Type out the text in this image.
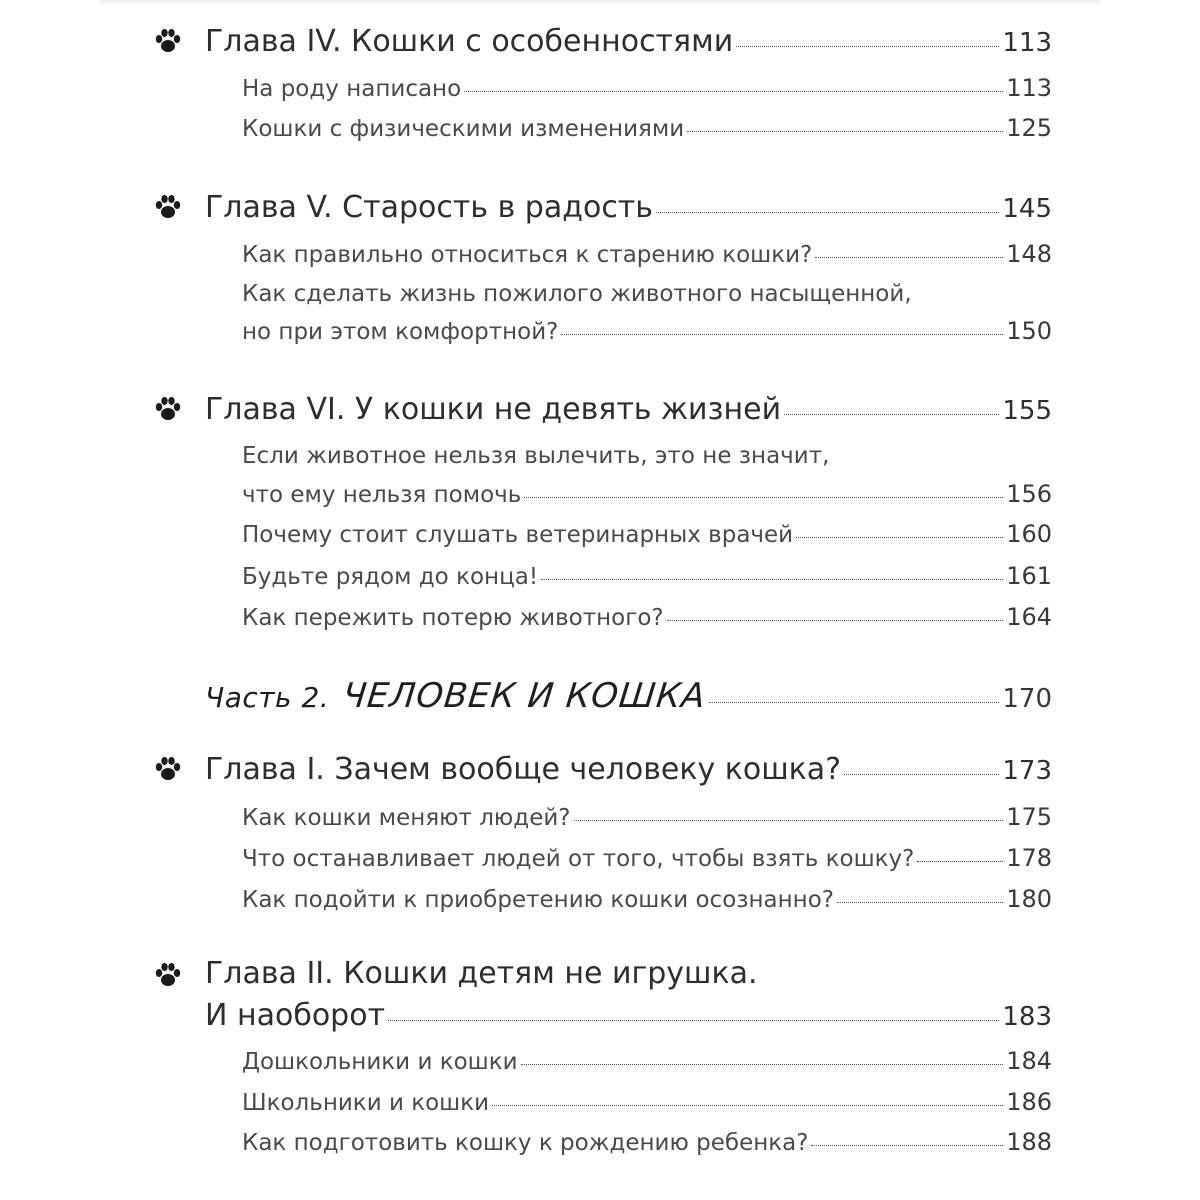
Глава IV. Кошки с особенностями	113
На роду написано	113
Кошки с физическими изменениями	125
Глава V. Старость в радость	145
Как правильно относиться к старению кошки?	148
Как сделать жизнь пожилого животного насыщенной,
но при этом комфортной?	150
Глава VI. У кошки не девять жизней	155
Если животное нельзя вылечить, это не значит,
что ему нельзя помочь	156
Почему стоит слушать ветеринарных врачей	160
Будьте рядом до конца!	161
Как пережить потерю животного?	164
Часть 2. ЧЕЛОВЕК И КОШКА	170
Глава I. Зачем вообще человеку кошка?	173
Как кошки меняют людей?	175
Что останавливает людей от того, чтобы взять кошку?	178
Как подойти к приобретению кошки осознанно?	180
Глава II. Кошки детям не игрушка.
И наоборот	183
Дошкольники и кошки	184
Школьники и кошки	186
Как подготовить кошку к рождению ребенка?	188
